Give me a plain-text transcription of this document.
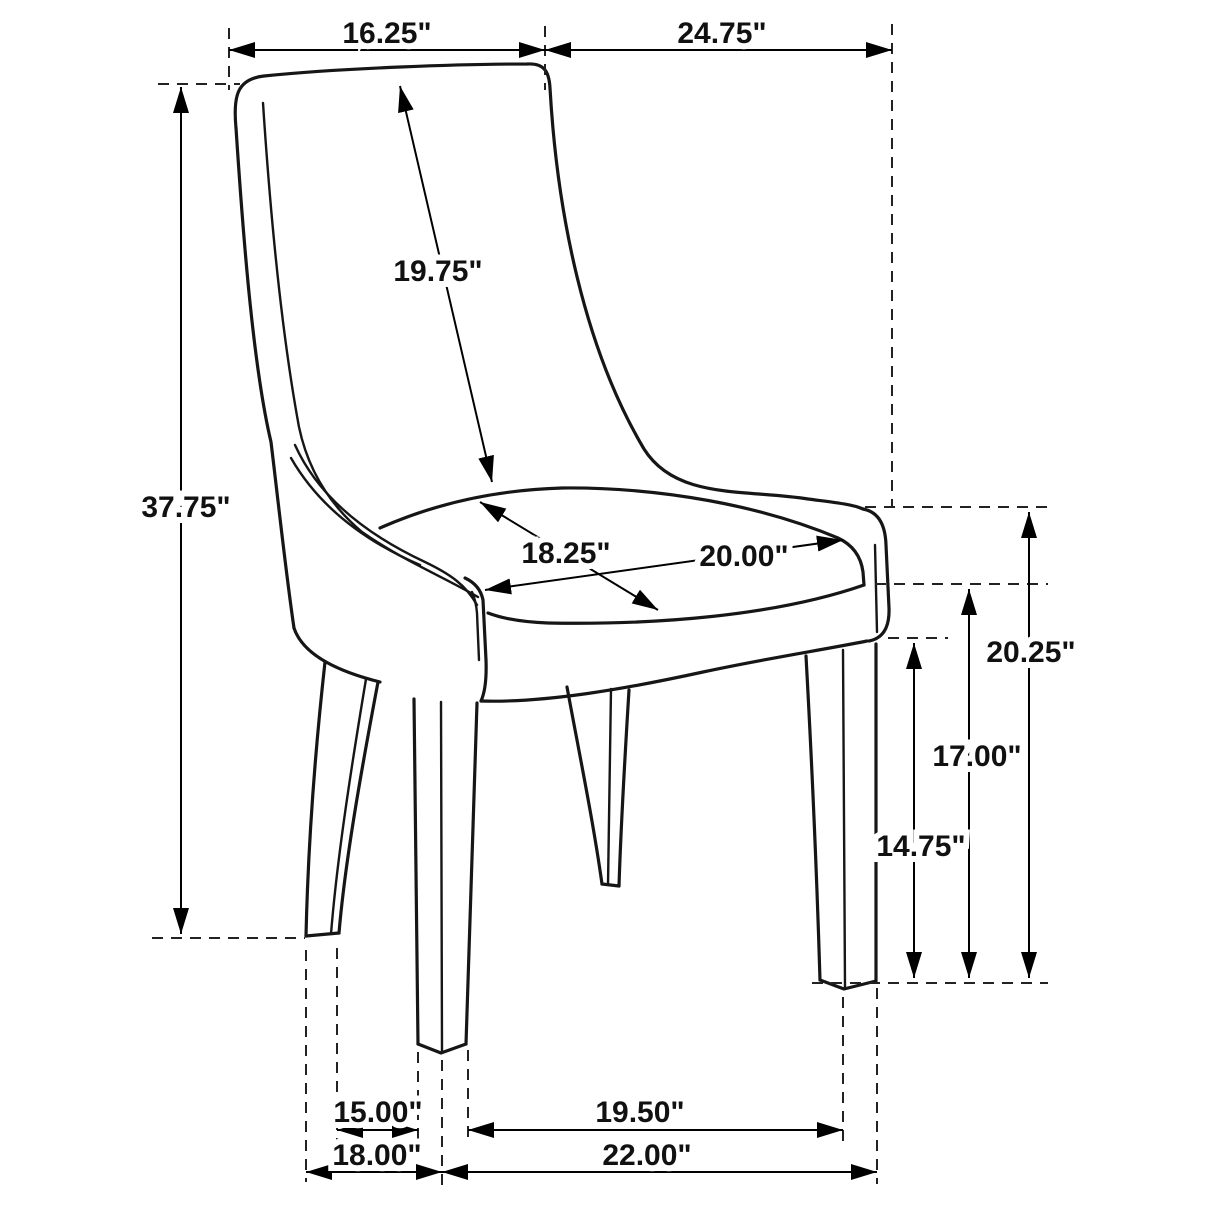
16.25"	24.75"
37.75"
19.75"
18.25"	20.00"
20.25"
17.00"
14.75"
15.00"	19.50"
18.00"	22.00"
